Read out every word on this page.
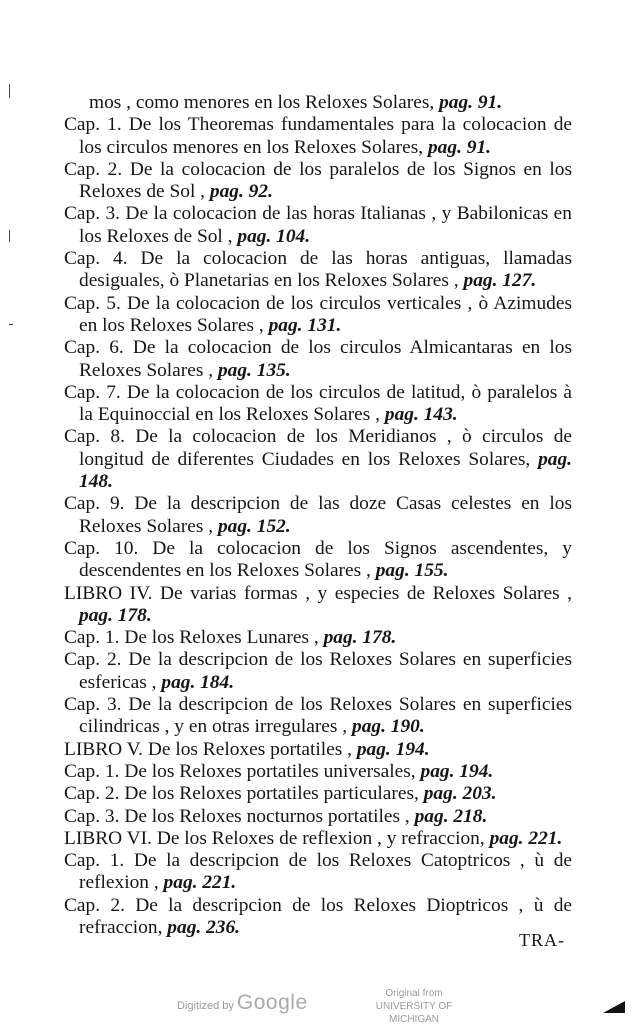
mos , como menores en los Reloxes Solares, pag. 91.
Cap. 1. De los Theoremas fundamentales para la colocacion de los circulos menores en los Reloxes Solares, pag. 91.
Cap. 2. De la colocacion de los paralelos de los Signos en los Reloxes de Sol , pag. 92.
Cap. 3. De la colocacion de las horas Italianas , y Babilonicas en los Reloxes de Sol , pag. 104.
Cap. 4. De la colocacion de las horas antiguas, llamadas desiguales, ò Planetarias en los Reloxes Solares , pag. 127.
Cap. 5. De la colocacion de los circulos verticales , ò Azimudes en los Reloxes Solares , pag. 131.
Cap. 6. De la colocacion de los circulos Almicantaras en los Reloxes Solares , pag. 135.
Cap. 7. De la colocacion de los circulos de latitud, ò paralelos à la Equinoccial en los Reloxes Solares , pag. 143.
Cap. 8. De la colocacion de los Meridianos , ò circulos de longitud de diferentes Ciudades en los Reloxes Solares, pag. 148.
Cap. 9. De la descripcion de las doze Casas celestes en los Reloxes Solares , pag. 152.
Cap. 10. De la colocacion de los Signos ascendentes, y descendentes en los Reloxes Solares , pag. 155.
LIBRO IV. De varias formas , y especies de Reloxes Solares , pag. 178.
Cap. 1. De los Reloxes Lunares , pag. 178.
Cap. 2. De la descripcion de los Reloxes Solares en superficies esfericas , pag. 184.
Cap. 3. De la descripcion de los Reloxes Solares en superficies cilindricas , y en otras irregulares , pag. 190.
LIBRO V. De los Reloxes portatiles , pag. 194.
Cap. 1. De los Reloxes portatiles universales, pag. 194.
Cap. 2. De los Reloxes portatiles particulares, pag. 203.
Cap. 3. De los Reloxes nocturnos portatiles , pag. 218.
LIBRO VI. De los Reloxes de reflexion , y refraccion, pag. 221.
Cap. 1. De la descripcion de los Reloxes Catoptricos , ù de reflexion , pag. 221.
Cap. 2. De la descripcion de los Reloxes Dioptricos , ù de refraccion, pag. 236.
TRA-
Digitized by Google	Original from
UNIVERSITY OF MICHIGAN
